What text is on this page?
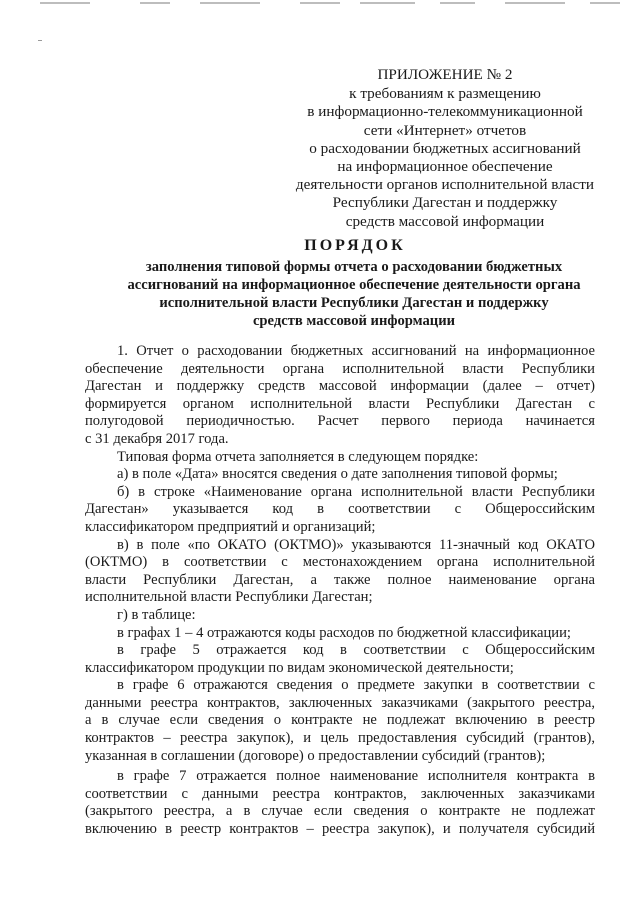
ПРИЛОЖЕНИЕ № 2
к требованиям к размещению
в информационно-телекоммуникационной
сети «Интернет» отчетов
о расходовании бюджетных ассигнований
на информационное обеспечение
деятельности органов исполнительной власти
Республики Дагестан и поддержку
средств массовой информации
ПОРЯДОК
заполнения типовой формы отчета о расходовании бюджетных
ассигнований на информационное обеспечение деятельности органа
исполнительной власти Республики Дагестан и поддержку
средств массовой информации
1. Отчет о расходовании бюджетных ассигнований на информационное
обеспечение деятельности органа исполнительной власти Республики
Дагестан и поддержку средств массовой информации (далее – отчет)
формируется органом исполнительной власти Республики Дагестан с
полугодовой периодичностью. Расчет первого периода начинается
с 31 декабря 2017 года.
Типовая форма отчета заполняется в следующем порядке:
а) в поле «Дата» вносятся сведения о дате заполнения типовой формы;
б) в строке «Наименование органа исполнительной власти Республики
Дагестан» указывается код в соответствии с Общероссийским
классификатором предприятий и организаций;
в) в поле «по ОКАТО (ОКТМО)» указываются 11-значный код ОКАТО
(ОКТМО) в соответствии с местонахождением органа исполнительной
власти Республики Дагестан, а также полное наименование органа
исполнительной власти Республики Дагестан;
г) в таблице:
в графах 1 – 4 отражаются коды расходов по бюджетной классификации;
в графе 5 отражается код в соответствии с Общероссийским
классификатором продукции по видам экономической деятельности;
в графе 6 отражаются сведения о предмете закупки в соответствии с
данными реестра контрактов, заключенных заказчиками (закрытого реестра,
а в случае если сведения о контракте не подлежат включению в реестр
контрактов – реестра закупок), и цель предоставления субсидий (грантов),
указанная в соглашении (договоре) о предоставлении субсидий (грантов);
в графе 7 отражается полное наименование исполнителя контракта в
соответствии с данными реестра контрактов, заключенных заказчиками
(закрытого реестра, а в случае если сведения о контракте не подлежат
включению в реестр контрактов – реестра закупок), и получателя субсидий
